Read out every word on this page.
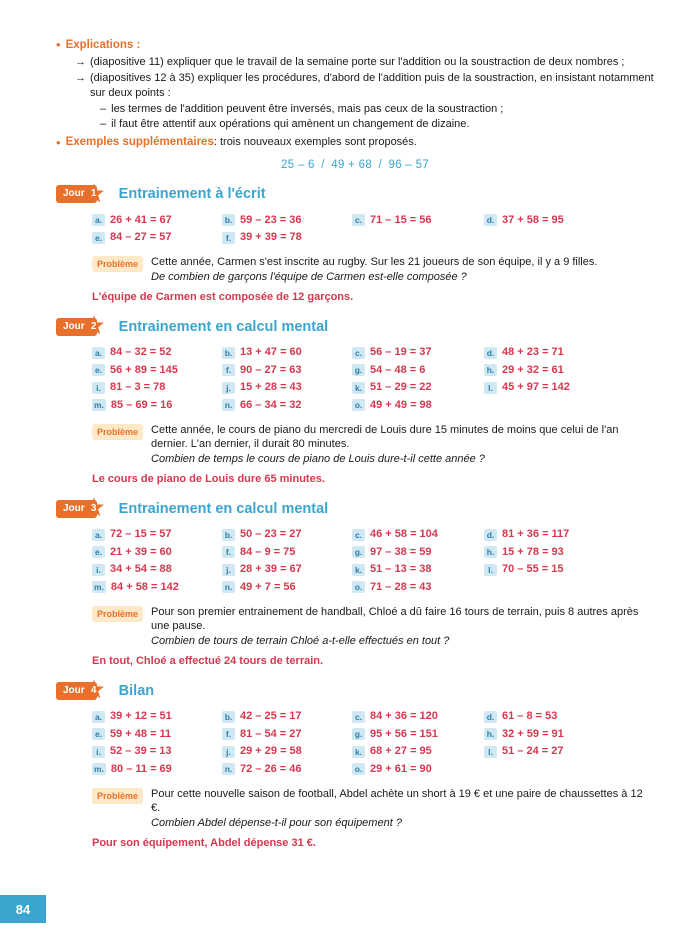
• Explications :
→ (diapositive 11) expliquer que le travail de la semaine porte sur l'addition ou la soustraction de deux nombres ;
→ (diapositives 12 à 35) expliquer les procédures, d'abord de l'addition puis de la soustraction, en insistant notamment sur deux points :
– les termes de l'addition peuvent être inversés, mais pas ceux de la soustraction ;
– il faut être attentif aux opérations qui amènent un changement de dizaine.
• Exemples supplémentaires : trois nouveaux exemples sont proposés.
25 – 6 / 49 + 68 / 96 – 57
Jour 1	Entrainement à l'écrit
a. 26 + 41 = 67	b. 59 – 23 = 36	c. 71 – 15 = 56	d. 37 + 58 = 95
e. 84 – 27 = 57	f. 39 + 39 = 78
Problème	Cette année, Carmen s'est inscrite au rugby. Sur les 21 joueurs de son équipe, il y a 9 filles.
De combien de garçons l'équipe de Carmen est-elle composée ?
L'équipe de Carmen est composée de 12 garçons.
Jour 2	Entrainement en calcul mental
a. 84 – 32 = 52	b. 13 + 47 = 60	c. 56 – 19 = 37	d. 48 + 23 = 71
e. 56 + 89 = 145	f. 90 – 27 = 63	g. 54 – 48 = 6	h. 29 + 32 = 61
i. 81 – 3 = 78	j. 15 + 28 = 43	k. 51 – 29 = 22	l. 45 + 97 = 142
m. 85 – 69 = 16	n. 66 – 34 = 32	o. 49 + 49 = 98
Problème	Cette année, le cours de piano du mercredi de Louis dure 15 minutes de moins que celui de l'an dernier. L'an dernier, il durait 80 minutes.
Combien de temps le cours de piano de Louis dure-t-il cette année ?
Le cours de piano de Louis dure 65 minutes.
Jour 3	Entrainement en calcul mental
a. 72 – 15 = 57	b. 50 – 23 = 27	c. 46 + 58 = 104	d. 81 + 36 = 117
e. 21 + 39 = 60	f. 84 – 9 = 75	g. 97 – 38 = 59	h. 15 + 78 = 93
i. 34 + 54 = 88	j. 28 + 39 = 67	k. 51 – 13 = 38	l. 70 – 55 = 15
m. 84 + 58 = 142	n. 49 + 7 = 56	o. 71 – 28 = 43
Problème	Pour son premier entrainement de handball, Chloé a dû faire 16 tours de terrain, puis 8 autres après une pause.
Combien de tours de terrain Chloé a-t-elle effectués en tout ?
En tout, Chloé a effectué 24 tours de terrain.
Jour 4	Bilan
a. 39 + 12 = 51	b. 42 – 25 = 17	c. 84 + 36 = 120	d. 61 – 8 = 53
e. 59 + 48 = 11	f. 81 – 54 = 27	g. 95 + 56 = 151	h. 32 + 59 = 91
i. 52 – 39 = 13	j. 29 + 29 = 58	k. 68 + 27 = 95	l. 51 – 24 = 27
m. 80 – 11 = 69	n. 72 – 26 = 46	o. 29 + 61 = 90
Problème	Pour cette nouvelle saison de football, Abdel achète un short à 19 € et une paire de chaussettes à 12 €.
Combien Abdel dépense-t-il pour son équipement ?
Pour son équipement, Abdel dépense 31 €.
84
